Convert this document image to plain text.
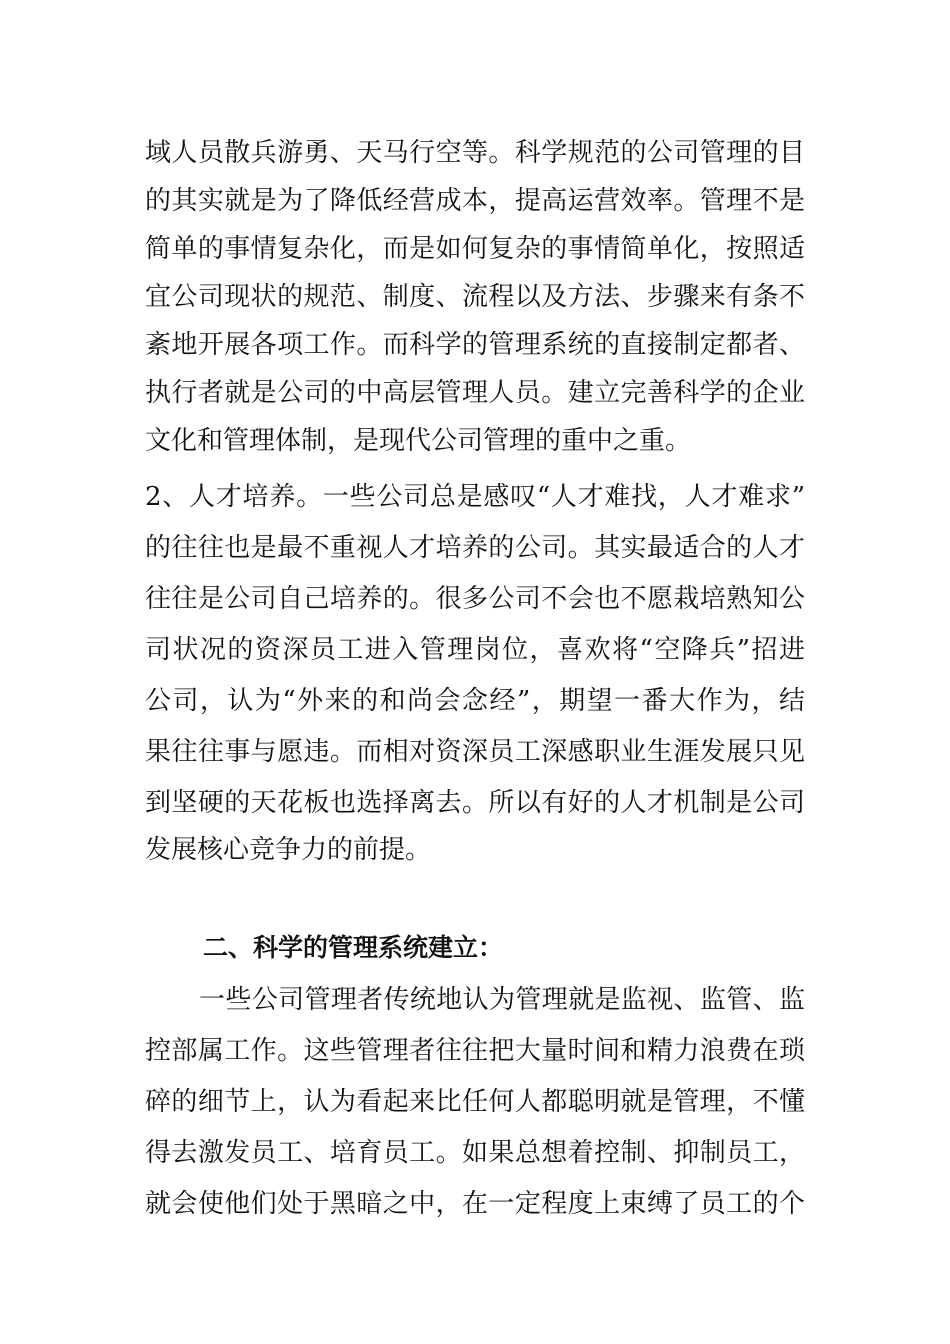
域人员散兵游勇、天马行空等。科学规范的公司管理的目
的其实就是为了降低经营成本，提高运营效率。管理不是
简单的事情复杂化，而是如何复杂的事情简单化，按照适
宜公司现状的规范、制度、流程以及方法、步骤来有条不
紊地开展各项工作。而科学的管理系统的直接制定都者、
执行者就是公司的中高层管理人员。建立完善科学的企业
文化和管理体制，是现代公司管理的重中之重。
2、人才培养。一些公司总是感叹“人才难找，人才难求”
的往往也是最不重视人才培养的公司。其实最适合的人才
往往是公司自己培养的。很多公司不会也不愿栽培熟知公
司状况的资深员工进入管理岗位，喜欢将“空降兵”招进
公司，认为“外来的和尚会念经”，期望一番大作为，结
果往往事与愿违。而相对资深员工深感职业生涯发展只见
到坚硬的天花板也选择离去。所以有好的人才机制是公司
发展核心竞争力的前提。
二、科学的管理系统建立：
一些公司管理者传统地认为管理就是监视、监管、监
控部属工作。这些管理者往往把大量时间和精力浪费在琐
碎的细节上，认为看起来比任何人都聪明就是管理，不懂
得去激发员工、培育员工。如果总想着控制、抑制员工，
就会使他们处于黑暗之中，在一定程度上束缚了员工的个
